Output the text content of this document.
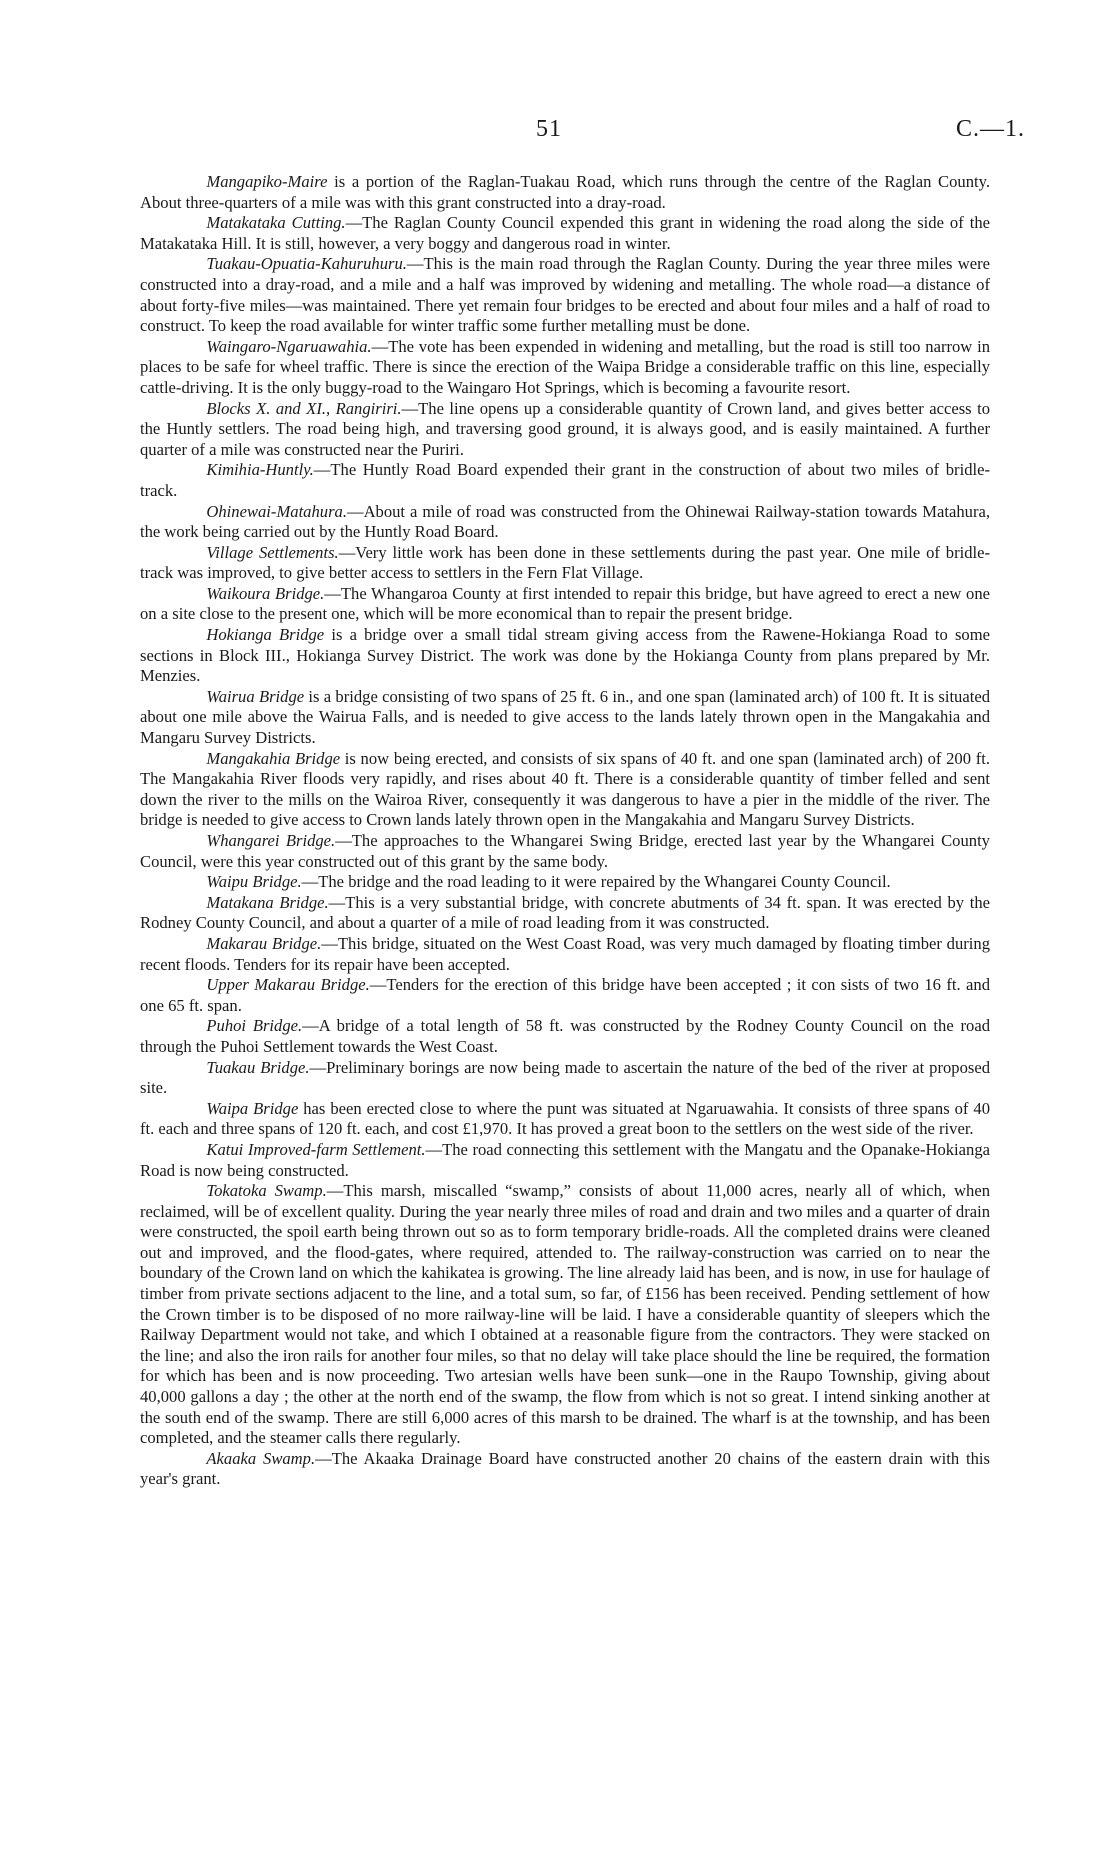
51	C.—1.

Mangapiko-Maire is a portion of the Raglan-Tuakau Road, which runs through the centre of the Raglan County. About three-quarters of a mile was with this grant constructed into a dray-road.

Matakataka Cutting.—The Raglan County Council expended this grant in widening the road along the side of the Matakataka Hill. It is still, however, a very boggy and dangerous road in winter.

Tuakau-Opuatia-Kahuruhuru.—This is the main road through the Raglan County. During the year three miles were constructed into a dray-road, and a mile and a half was improved by widening and metalling. The whole road—a distance of about forty-five miles—was maintained. There yet remain four bridges to be erected and about four miles and a half of road to construct. To keep the road available for winter traffic some further metalling must be done.

Waingaro-Ngaruawahia.—The vote has been expended in widening and metalling, but the road is still too narrow in places to be safe for wheel traffic. There is since the erection of the Waipa Bridge a considerable traffic on this line, especially cattle-driving. It is the only buggy-road to the Waingaro Hot Springs, which is becoming a favourite resort.

Blocks X. and XI., Rangiriri.—The line opens up a considerable quantity of Crown land, and gives better access to the Huntly settlers. The road being high, and traversing good ground, it is always good, and is easily maintained. A further quarter of a mile was constructed near the Puriri.

Kimihia-Huntly.—The Huntly Road Board expended their grant in the construction of about two miles of bridle-track.

Ohinewai-Matahura.—About a mile of road was constructed from the Ohinewai Railway-station towards Matahura, the work being carried out by the Huntly Road Board.

Village Settlements.—Very little work has been done in these settlements during the past year. One mile of bridle-track was improved, to give better access to settlers in the Fern Flat Village.

Waikoura Bridge.—The Whangaroa County at first intended to repair this bridge, but have agreed to erect a new one on a site close to the present one, which will be more economical than to repair the present bridge.

Hokianga Bridge is a bridge over a small tidal stream giving access from the Rawene-Hokianga Road to some sections in Block III., Hokianga Survey District. The work was done by the Hokianga County from plans prepared by Mr. Menzies.

Wairua Bridge is a bridge consisting of two spans of 25 ft. 6 in., and one span (laminated arch) of 100 ft. It is situated about one mile above the Wairua Falls, and is needed to give access to the lands lately thrown open in the Mangakahia and Mangaru Survey Districts.

Mangakahia Bridge is now being erected, and consists of six spans of 40 ft. and one span (laminated arch) of 200 ft. The Mangakahia River floods very rapidly, and rises about 40 ft. There is a considerable quantity of timber felled and sent down the river to the mills on the Wairoa River, consequently it was dangerous to have a pier in the middle of the river. The bridge is needed to give access to Crown lands lately thrown open in the Mangakahia and Mangaru Survey Districts.

Whangarei Bridge.—The approaches to the Whangarei Swing Bridge, erected last year by the Whangarei County Council, were this year constructed out of this grant by the same body.

Waipu Bridge.—The bridge and the road leading to it were repaired by the Whangarei County Council.

Matakana Bridge.—This is a very substantial bridge, with concrete abutments of 34 ft. span. It was erected by the Rodney County Council, and about a quarter of a mile of road leading from it was constructed.

Makarau Bridge.—This bridge, situated on the West Coast Road, was very much damaged by floating timber during recent floods. Tenders for its repair have been accepted.

Upper Makarau Bridge.—Tenders for the erection of this bridge have been accepted ; it con sists of two 16 ft. and one 65 ft. span.

Puhoi Bridge.—A bridge of a total length of 58 ft. was constructed by the Rodney County Council on the road through the Puhoi Settlement towards the West Coast.

Tuakau Bridge.—Preliminary borings are now being made to ascertain the nature of the bed of the river at proposed site.

Waipa Bridge has been erected close to where the punt was situated at Ngaruawahia. It consists of three spans of 40 ft. each and three spans of 120 ft. each, and cost £1,970. It has proved a great boon to the settlers on the west side of the river.

Katui Improved-farm Settlement.—The road connecting this settlement with the Mangatu and the Opanake-Hokianga Road is now being constructed.

Tokatoka Swamp.—This marsh, miscalled “swamp,” consists of about 11,000 acres, nearly all of which, when reclaimed, will be of excellent quality. During the year nearly three miles of road and drain and two miles and a quarter of drain were constructed, the spoil earth being thrown out so as to form temporary bridle-roads. All the completed drains were cleaned out and improved, and the flood-gates, where required, attended to. The railway-construction was carried on to near the boundary of the Crown land on which the kahikatea is growing. The line already laid has been, and is now, in use for haulage of timber from private sections adjacent to the line, and a total sum, so far, of £156 has been received. Pending settlement of how the Crown timber is to be disposed of no more railway-line will be laid. I have a considerable quantity of sleepers which the Railway Department would not take, and which I obtained at a reasonable figure from the contractors. They were stacked on the line; and also the iron rails for another four miles, so that no delay will take place should the line be required, the formation for which has been and is now proceeding. Two artesian wells have been sunk—one in the Raupo Township, giving about 40,000 gallons a day ; the other at the north end of the swamp, the flow from which is not so great. I intend sinking another at the south end of the swamp. There are still 6,000 acres of this marsh to be drained. The wharf is at the township, and has been completed, and the steamer calls there regularly.

Akaaka Swamp.—The Akaaka Drainage Board have constructed another 20 chains of the eastern drain with this year's grant.
